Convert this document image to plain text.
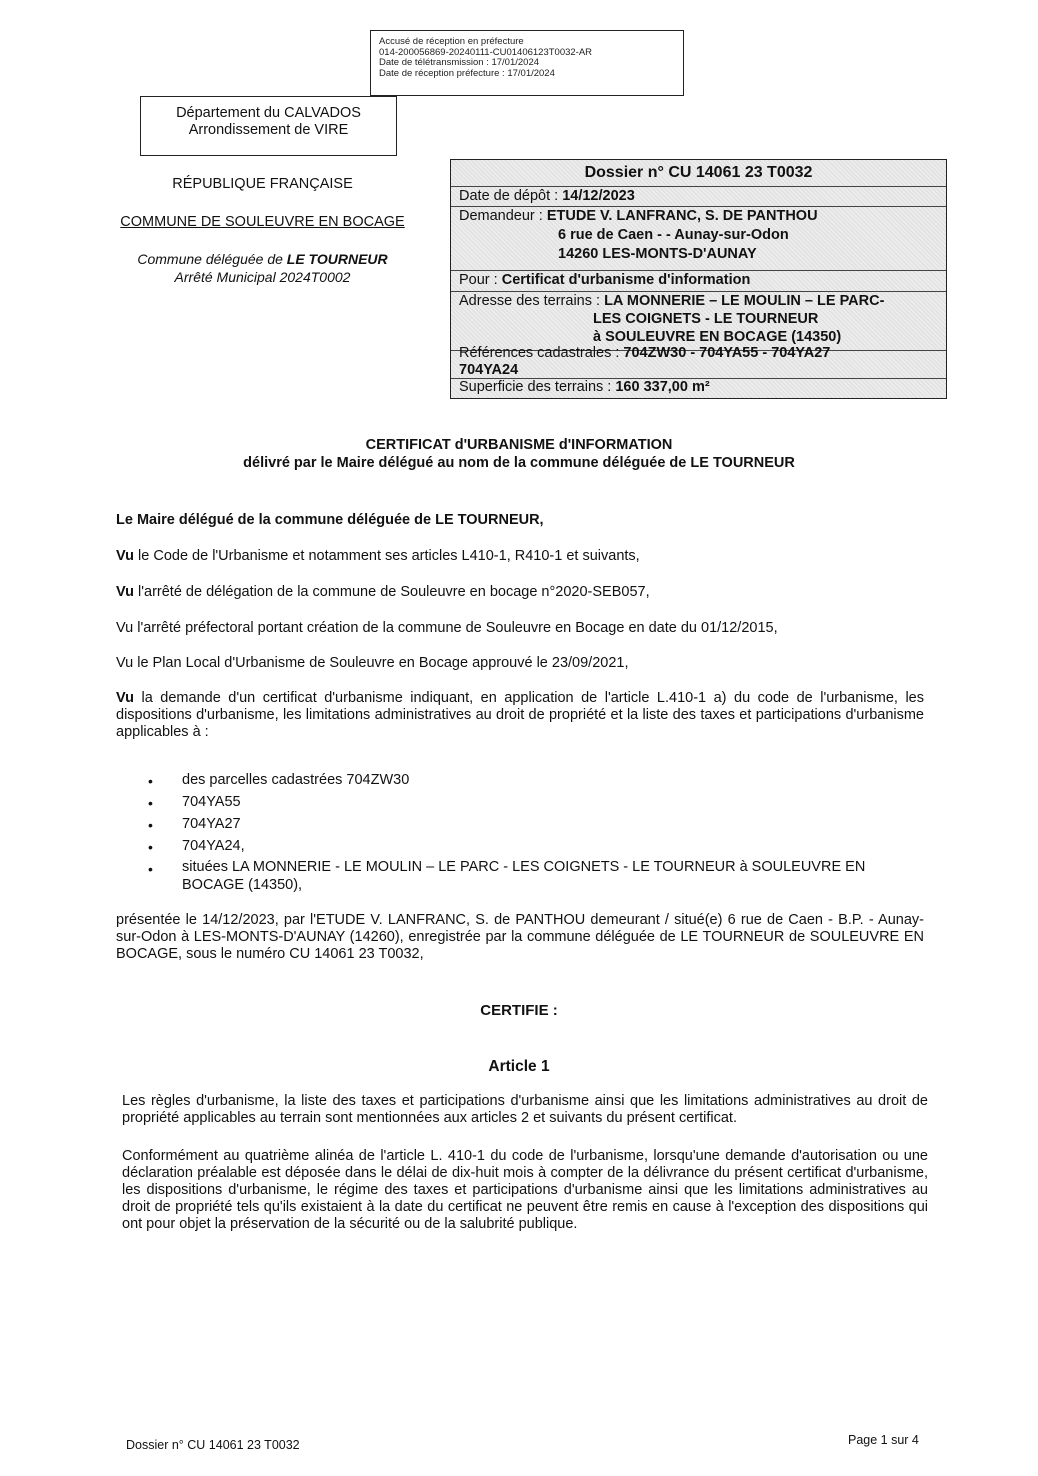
Accusé de réception en préfecture
014-200056869-20240111-CU01406123T0032-AR
Date de télétransmission : 17/01/2024
Date de réception préfecture : 17/01/2024
Département du CALVADOS
Arrondissement de VIRE
RÉPUBLIQUE FRANÇAISE
COMMUNE DE SOULEUVRE EN BOCAGE
Commune déléguée de LE TOURNEUR
Arrêté Municipal 2024T0002
Dossier n° CU 14061 23 T0032
Date de dépôt : 14/12/2023
Demandeur : ETUDE V. LANFRANC, S. DE PANTHOU
6 rue de Caen - - Aunay-sur-Odon
14260 LES-MONTS-D'AUNAY
Pour : Certificat d'urbanisme d'information
Adresse des terrains : LA MONNERIE – LE MOULIN – LE PARC-
LES COIGNETS - LE TOURNEUR
à SOULEUVRE EN BOCAGE (14350)
Références cadastrales : 704ZW30 - 704YA55 - 704YA27
704YA24
Superficie des terrains : 160 337,00 m²
CERTIFICAT d'URBANISME d'INFORMATION
délivré par le Maire délégué au nom de la commune déléguée de LE TOURNEUR
Le Maire délégué de la commune déléguée de LE TOURNEUR,
Vu le Code de l'Urbanisme et notamment ses articles L410-1, R410-1 et suivants,
Vu l'arrêté de délégation de la commune de Souleuvre en bocage n°2020-SEB057,
Vu l'arrêté préfectoral portant création de la commune de Souleuvre en Bocage en date du 01/12/2015,
Vu le Plan Local d'Urbanisme de Souleuvre en Bocage approuvé le 23/09/2021,
Vu la demande d'un certificat d'urbanisme indiquant, en application de l'article L.410-1 a) du code de l'urbanisme, les dispositions d'urbanisme, les limitations administratives au droit de propriété et la liste des taxes et participations d'urbanisme applicables à :
• des parcelles cadastrées 704ZW30
• 704YA55
• 704YA27
• 704YA24,
• situées LA MONNERIE - LE MOULIN – LE PARC - LES COIGNETS - LE TOURNEUR à SOULEUVRE EN BOCAGE (14350),
présentée le 14/12/2023, par l'ETUDE V. LANFRANC, S. de PANTHOU demeurant / situé(e) 6 rue de Caen - B.P. - Aunay-sur-Odon à LES-MONTS-D'AUNAY (14260), enregistrée par la commune déléguée de LE TOURNEUR de SOULEUVRE EN BOCAGE, sous le numéro CU 14061 23 T0032,
CERTIFIE :
Article 1
Les règles d'urbanisme, la liste des taxes et participations d'urbanisme ainsi que les limitations administratives au droit de propriété applicables au terrain sont mentionnées aux articles 2 et suivants du présent certificat.
Conformément au quatrième alinéa de l'article L. 410-1 du code de l'urbanisme, lorsqu'une demande d'autorisation ou une déclaration préalable est déposée dans le délai de dix-huit mois à compter de la délivrance du présent certificat d'urbanisme, les dispositions d'urbanisme, le régime des taxes et participations d'urbanisme ainsi que les limitations administratives au droit de propriété tels qu'ils existaient à la date du certificat ne peuvent être remis en cause à l'exception des dispositions qui ont pour objet la préservation de la sécurité ou de la salubrité publique.
Dossier n° CU 14061 23 T0032	Page 1 sur 4
